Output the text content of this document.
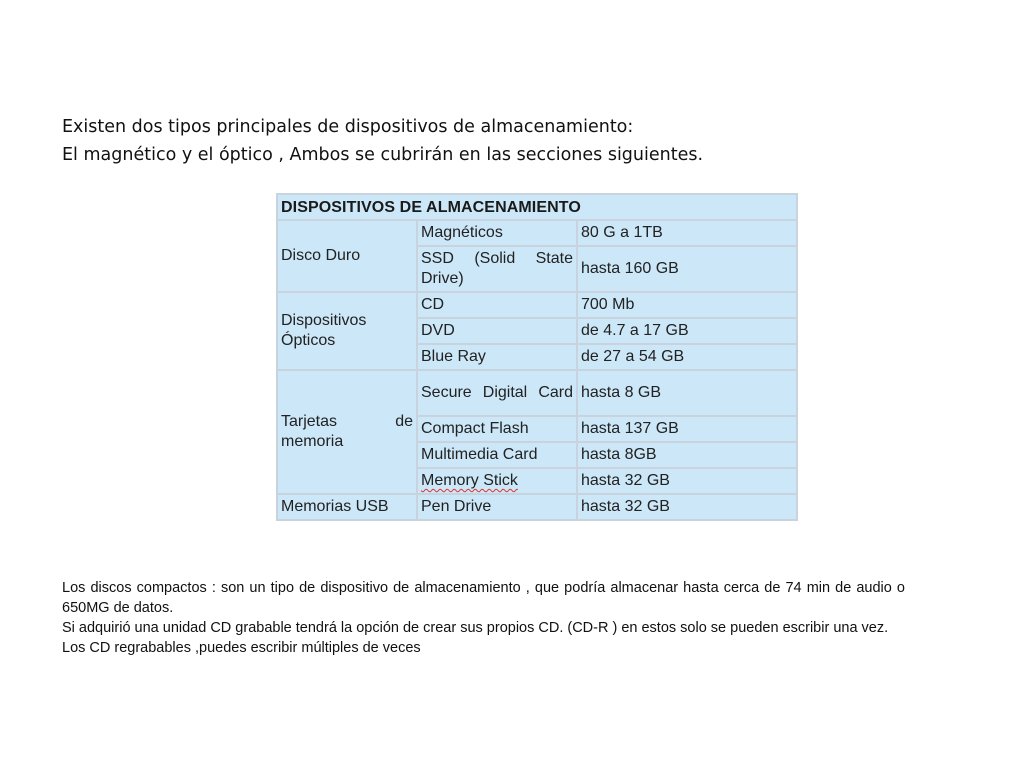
Existen dos tipos principales de dispositivos de almacenamiento:
El magnético y el óptico , Ambos se cubrirán en las secciones siguientes.
DISPOSITIVOS DE ALMACENAMIENTO		
Disco Duro	Magnéticos	80 G a 1TB
	SSD (Solid State Drive)	hasta 160 GB
Dispositivos Ópticos	CD	700 Mb
	DVD	de 4.7 a 17 GB
	Blue Ray	de 27 a 54 GB
Tarjetas de memoria	Secure Digital Card	hasta 8 GB
	Compact Flash	hasta 137 GB
	Multimedia Card	hasta 8GB
	Memory Stick	hasta 32 GB
Memorias USB	Pen Drive	hasta 32 GB

Los discos compactos : son un tipo de dispositivo de almacenamiento , que podría almacenar hasta cerca de 74 min de audio o 650MG de datos.

Si adquirió una unidad CD grabable tendrá la opción de crear sus propios CD. (CD-R ) en estos solo se pueden escribir una vez.

Los CD regrabables ,puedes escribir múltiples de veces
